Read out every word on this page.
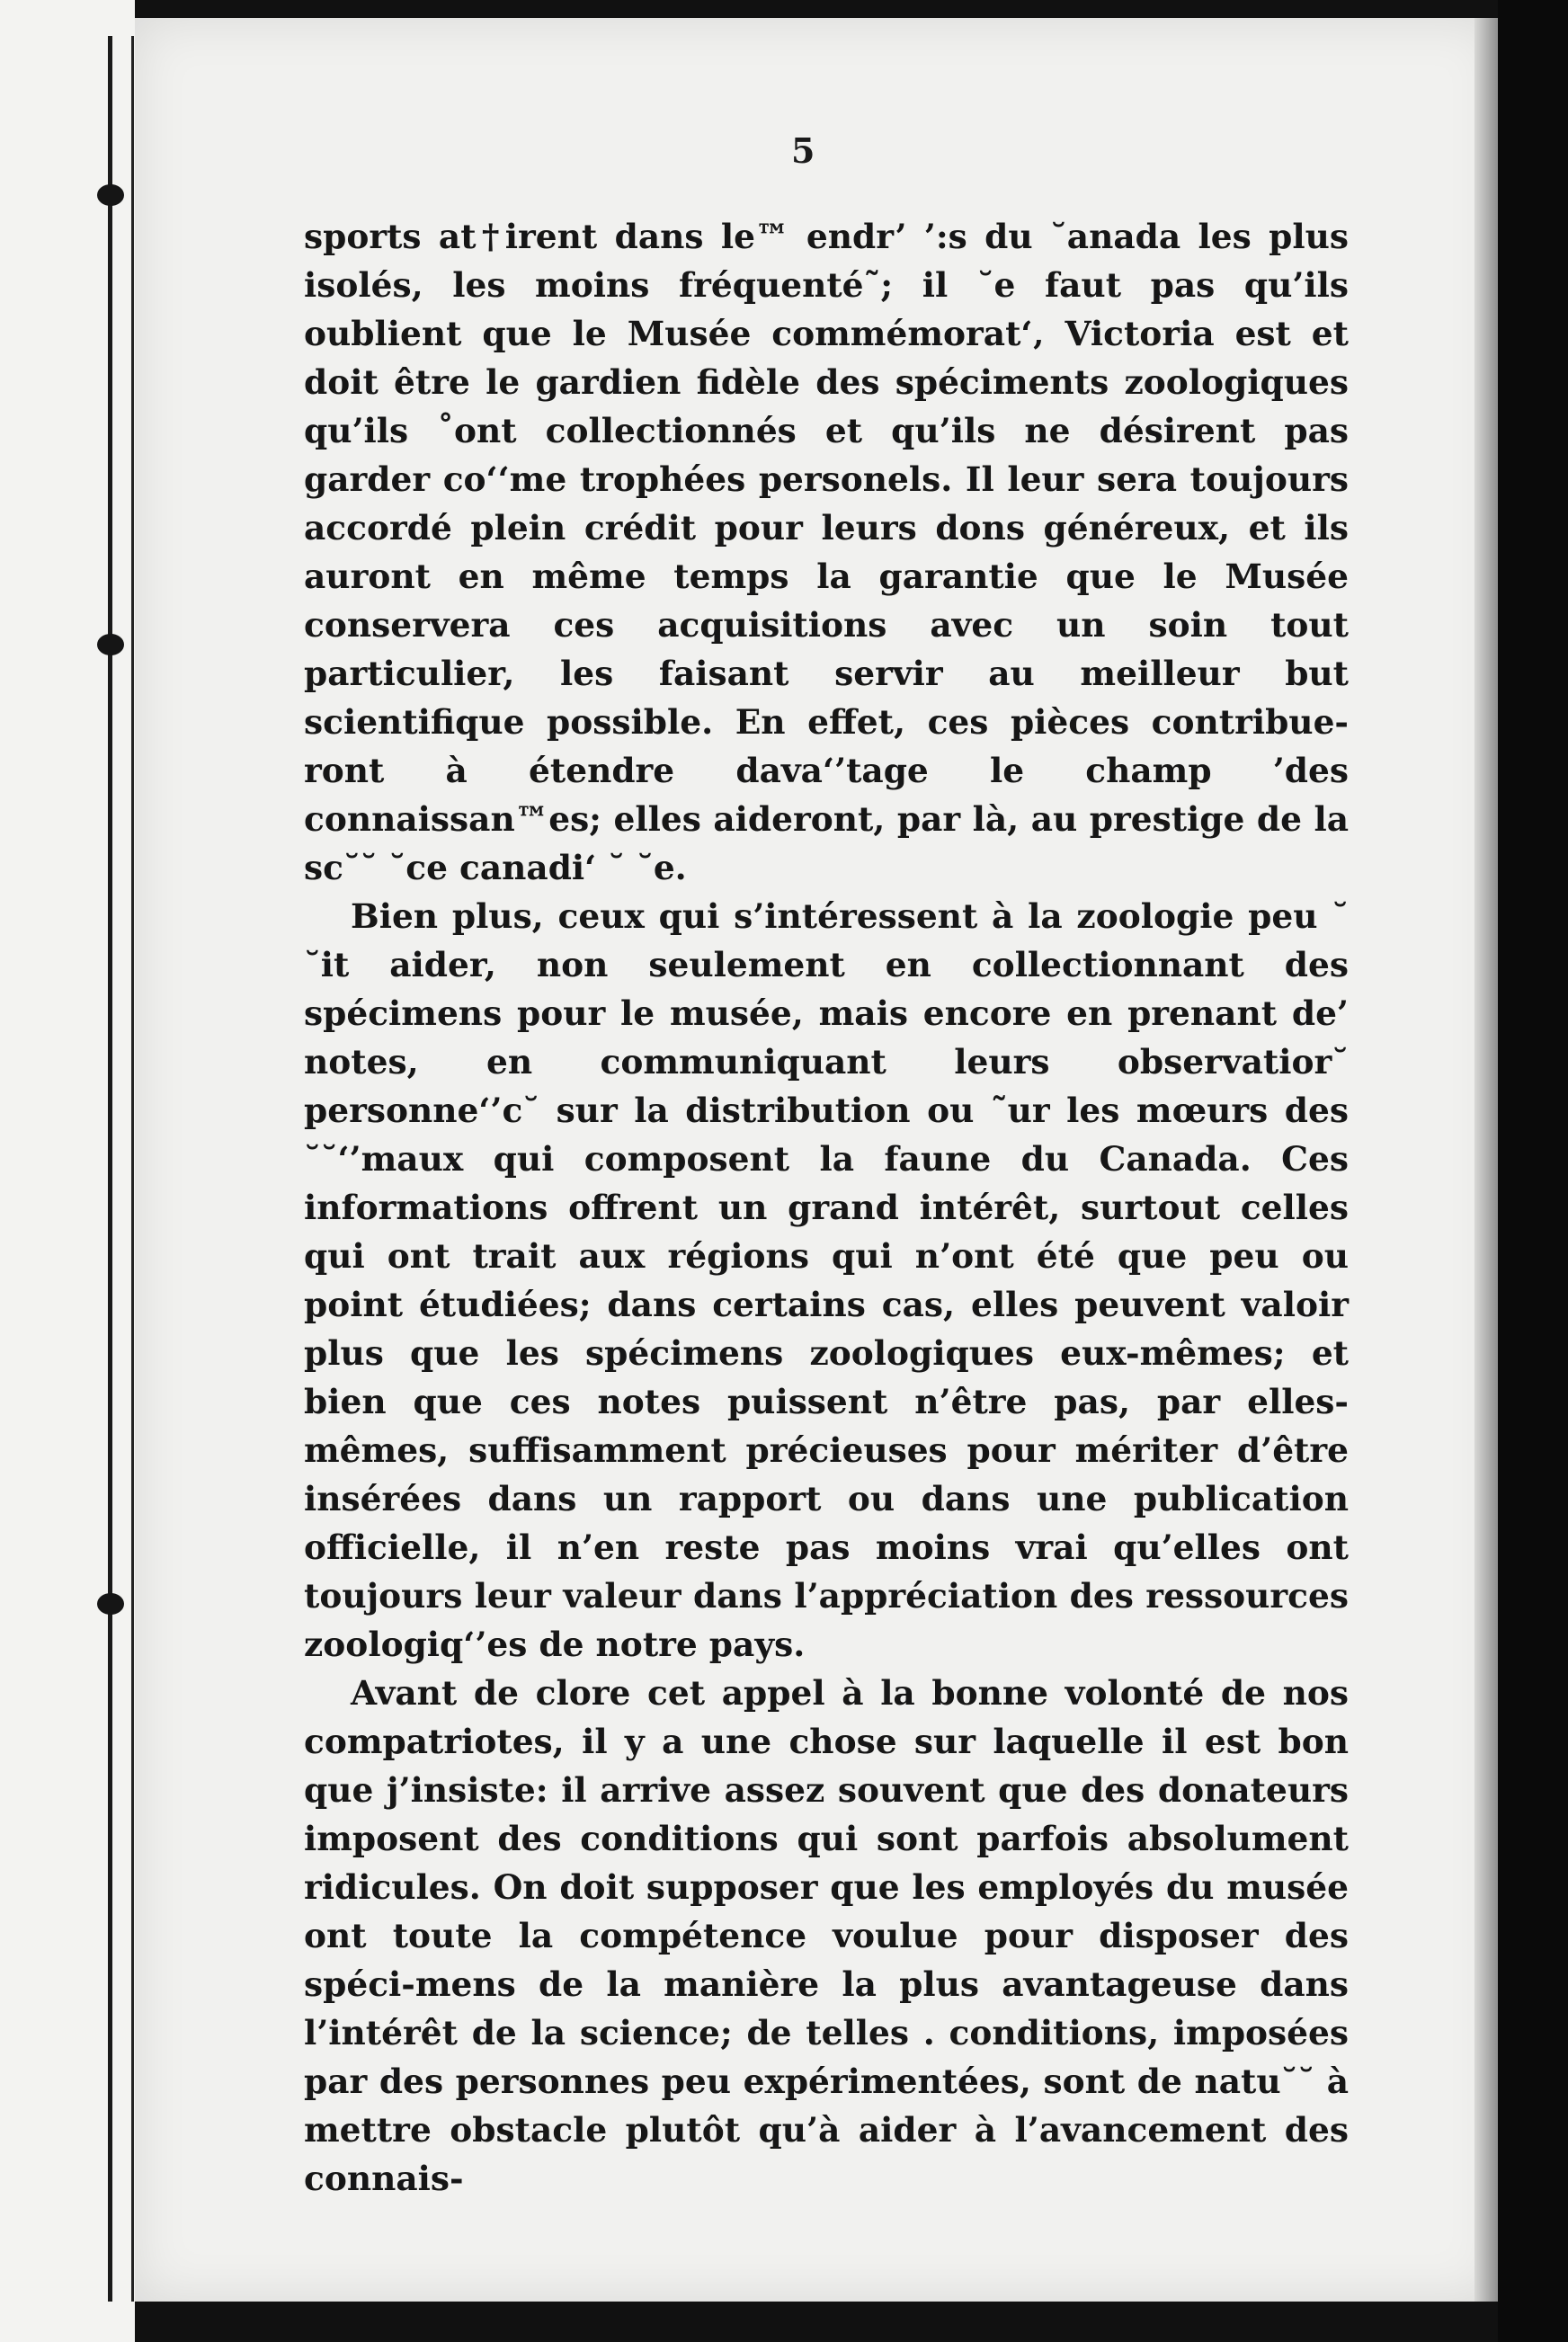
5

sports at†irent dans le™ endr’ ’:s du ˘anada les plus isolés, les moins fréquenté˜; il ˘e faut pas qu’ils oublient que le Musée commémorat‘‚ Victoria est et doit être le gardien fidèle des spéciments zoologiques qu’ils ˚ont collectionnés et qu’ils ne désirent pas garder co‘‘me trophées personels. Il leur sera toujours accordé plein crédit pour leurs dons généreux, et ils auront en même temps la garantie que le Musée conservera ces acquisitions avec un soin tout particulier, les faisant servir au meilleur but scientifique possible. En effet, ces pièces contribue-ront à étendre dava‘’tage le champ ’des connaissan™es; elles aideront, par là, au prestige de la sc˘˘ ˘ce canadi‘ ˘ ˘e.

Bien plus, ceux qui s’intéressent à la zoologie peu ˘ ˘it aider, non seulement en collectionnant des spécimens pour le musée, mais encore en prenant de’ notes, en communiquant leurs observatior˘ personne‘’c˘ sur la distribution ou ˜ur les mœurs des ˘˘‘’maux qui composent la faune du Canada. Ces informations offrent un grand intérêt, surtout celles qui ont trait aux régions qui n’ont été que peu ou point étudiées; dans certains cas, elles peuvent valoir plus que les spécimens zoologiques eux-mêmes; et bien que ces notes puissent n’être pas, par elles-mêmes, suffisamment précieuses pour mériter d’être insérées dans un rapport ou dans une publication officielle, il n’en reste pas moins vrai qu’elles ont toujours leur valeur dans l’appréciation des ressources zoologiq‘’es de notre pays.

Avant de clore cet appel à la bonne volonté de nos compatriotes, il y a une chose sur laquelle il est bon que j’insiste: il arrive assez souvent que des donateurs imposent des conditions qui sont parfois absolument ridicules. On doit supposer que les employés du musée ont toute la compétence voulue pour disposer des spéci-mens de la manière la plus avantageuse dans l’intérêt de la science; de telles . conditions, imposées par des personnes peu expérimentées, sont de natu˘˘ à mettre obstacle plutôt qu’à aider à l’avancement des connais-
